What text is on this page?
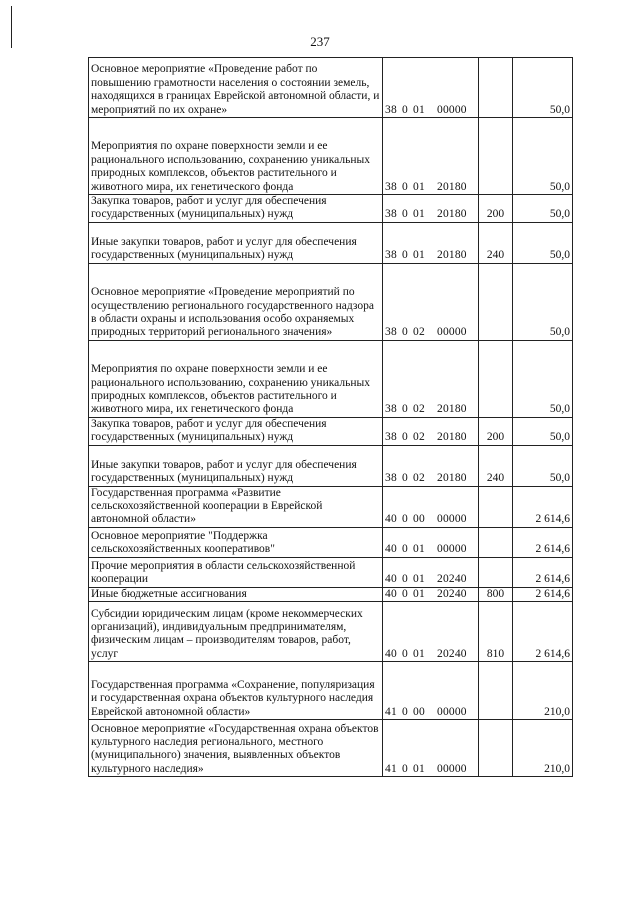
237
Основное мероприятие «Проведение работ по повышению грамотности населения о состоянии земель, находящихся в границах Еврейской автономной области, и мероприятий по их охране»	38 0 01 00000		50,0
Мероприятия по охране поверхности земли и ее рационального использованию, сохранению уникальных природных комплексов, объектов растительного и животного мира, их генетического фонда	38 0 01 20180		50,0
Закупка товаров, работ и услуг для обеспечения государственных (муниципальных) нужд	38 0 01 20180	200	50,0
Иные закупки товаров, работ и услуг для обеспечения государственных (муниципальных) нужд	38 0 01 20180	240	50,0
Основное мероприятие «Проведение мероприятий по осуществлению регионального государственного надзора в области охраны и использования особо охраняемых природных территорий регионального значения»	38 0 02 00000		50,0
Мероприятия по охране поверхности земли и ее рационального использованию, сохранению уникальных природных комплексов, объектов растительного и животного мира, их генетического фонда	38 0 02 20180		50,0
Закупка товаров, работ и услуг для обеспечения государственных (муниципальных) нужд	38 0 02 20180	200	50,0
Иные закупки товаров, работ и услуг для обеспечения государственных (муниципальных) нужд	38 0 02 20180	240	50,0
Государственная программа «Развитие сельскохозяйственной кооперации в Еврейской автономной области»	40 0 00 00000		2 614,6
Основное мероприятие "Поддержка сельскохозяйственных кооперативов"	40 0 01 00000		2 614,6
Прочие мероприятия в области сельскохозяйственной кооперации	40 0 01 20240		2 614,6
Иные бюджетные ассигнования	40 0 01 20240	800	2 614,6
Субсидии юридическим лицам (кроме некоммерческих организаций), индивидуальным предпринимателям, физическим лицам – производителям товаров, работ, услуг	40 0 01 20240	810	2 614,6
Государственная программа «Сохранение, популяризация и государственная охрана объектов культурного наследия Еврейской автономной области»	41 0 00 00000		210,0
Основное мероприятие «Государственная охрана объектов культурного наследия регионального, местного (муниципального) значения, выявленных объектов культурного наследия»	41 0 01 00000		210,0
